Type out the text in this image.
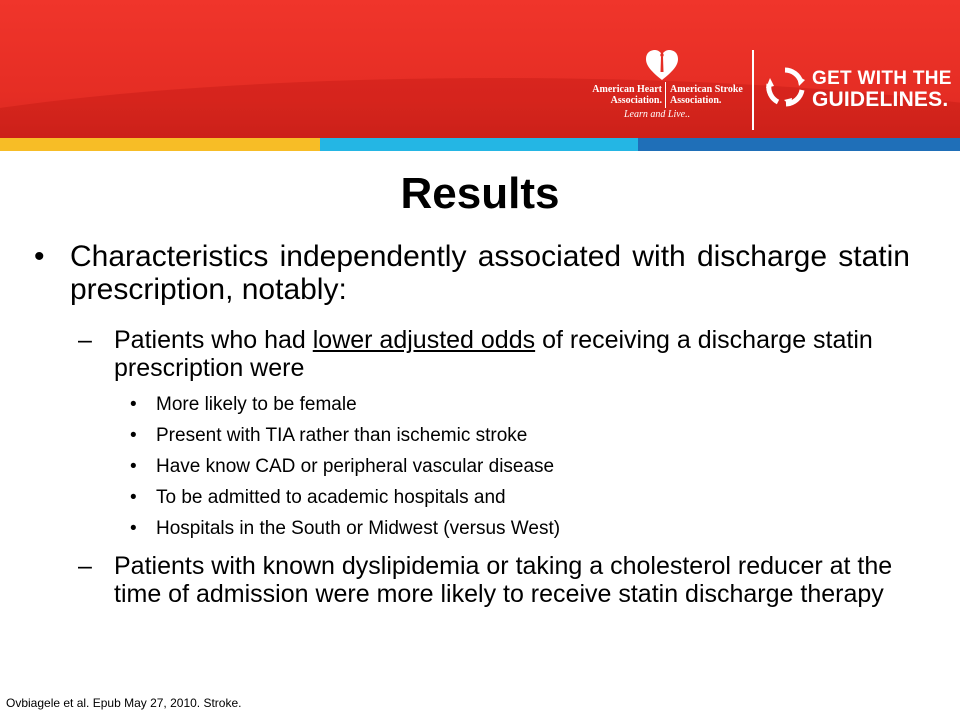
American Heart
Association.
American Stroke
Association.
Learn and Live..
GET WITH THE
GUIDELINES.
Results
• Characteristics independently associated with discharge statin prescription, notably:
– Patients who had lower adjusted odds of receiving a discharge statin prescription were
• More likely to be female
• Present with TIA rather than ischemic stroke
• Have know CAD or peripheral vascular disease
• To be admitted to academic hospitals and
• Hospitals in the South or Midwest (versus West)
– Patients with known dyslipidemia or taking a cholesterol reducer at the time of admission were more likely to receive statin discharge therapy
Ovbiagele et al. Epub May 27, 2010. Stroke.
